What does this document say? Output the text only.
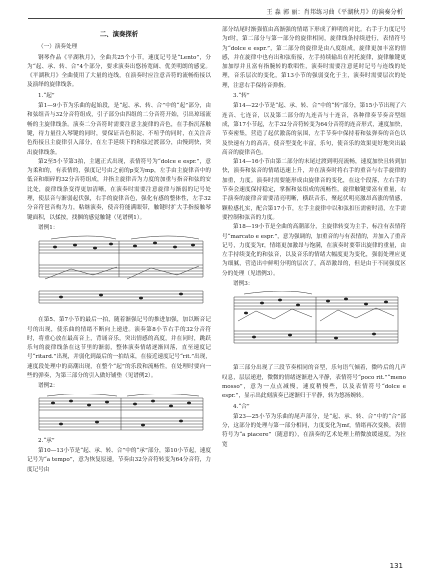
王 淼 郭 丽：肖邦练习曲《平湖秋月》的演奏分析
二、演奏探析
（一）演奏处理

钢琴作品《平湖秋月》，全曲共25个小节，速度记号是“Lento”，分为“起、承、转、合”4个部分，要求演奏出悠扬宽阔、优美明朗的感觉。《平湖秋月》全曲使用了大量的连线，在演奏时应注意音符的流畅衔接以及演绎的旋律线条。

1.“起”

第1—9小节为乐曲的起始段，是“起、承、转、合”中的“起”部分，由和弦组音与32分音符组成，引子部分由四组的二分音符开始，引出琼瑶流畅的主旋律线条。演奏二分音符时需要注意主旋律的音色，在手指沉落触键，待力量往入琴键的同时，要保证音色积淀、不喧乎的同时，在关注音色衔接且主旋律引入部分，在左手延续下的和弦过渡部分，由慢到快，突出旋律线条。

第2至5小节第3拍，主题正式出现，表情符号为“dolce e espr.”，意为柔和的，有表情的，强度记号由之前的p变为mp，左手由主旋律音中的低音和细碎的32分音符组成，并指主旋律音为力度的加重与指音和弦的安比处，旋律线条变得更加清晰，在演奏时需要注意旋律与渐弱的记号处理，使层音与渐弱起伏强，右手的旋律音色，强化有感的整体性，左手32分音符琶音构为力，粘继演奏，使音符能满眼带，触键时扩大手指接触琴键面积，以揉按，找捆的感觉触键（见谱例1）。

谱例1：

在第5、第7小节的最后一拍，随着渐强记号的推进加强，加以断音记号的出现，使乐曲的情绪不断向上递进。演奏第8小节右手的32分音符时，将重心放在最高音上，背诵音乐，突出情感的高度，并在同时，跳跃乐句的旋律线条在这节里的渐弱，整体演奏情绪逐渐回落，直至速度记号“ritard.”出现，并弱化到最后的一拍结束，在接近速度记号“rit.”出现，速度段处理中的高潮出现，在整个“起”的乐段和流畅性，在处理时要向一些的弹奏，为第三部分的引入做好铺垫（见谱例2）。

谱例2：
2.“承”

第10—13小节是“起、承、转、合”中的“承”部分，第10小节起，速度记号为“a tempo”，意为恢复原速，节奏由32分音符转变为64分音符，力度记号由

部分结尾时渐强值由高渐强的情绪下形成了鲜明的对比。右手于力度记号为f时，第二部分与第一部分的旋律相同，旋律线条持续进行，表情符号为“dolce e espr.”，第二部分的旋律是由八度组成，旋律更加丰富的情感，并在旋律中也有出和弦衔接，左手持续输出在衬托旋律，旋律触键更加加厚并且富有指腕转的歌唱性，演奏时需要注意延时记号与连线的处理，音乐层次的变化，第13小节的强弱变化于主，演奏时需要层次的处理，注意右手保持音弹指。

3.“转”

第14—22小节是“起、承、转、合”中的“转”部分，第15小节出现了六连音、七连音，以及第二部分的九连音与十连音，各种律奏节奏音型组成，第17小节起，左手32分音符转变为64分音符的连音形式，速度加快，节奏密集，营造了起伏激荡的氛围，左手节奏中保持着和弦弹奏的音色以及快速有力的高音，使音型变化丰富，乐句，使音乐的效果更好地突出最高音的旋律音色。

第14—16小节由第二部分的末尾过渡到明亮流畅，速度加快且转到加快，演奏和弦音的情绪迅速上升，并在演奏时将右手的重音与右手旋律的加重，力度。演奏时需要能形成由旋律音的变化，在这个段落，左右手的节奏会速度保持稳定，掌握和弦组成的流畅性，旋律触键要富有重量，右手演奏的旋律音需要清亮明晰，横跃音乐，聚起伏明亮激昂高涨的情感，颗粒感扎实，配合第17小节，左手主旋律中以和弦扣压需密时清，左手需要控制和弦音的力度。

第18—19小节是全曲的高潮部分，主旋律转变为主手，标注有表情符号“marcato e espr.”，意为强调的，加重音的与有表情的，并加入了重音记号，力度变为f，情绪更加激昂与饱满，在演奏时要带出旋律的重量，由左手持续变化的和弦音，以及音乐的情绪大幅度更为变化，强弱处理应更为细腻，营造出中鲜明分明的层次了，高昂激昂的，但是由于不同强度区分的处理（见谱例3）。

谱例3：

第三部分出现了三段节奏相同的音型，乐句语气倾着，微吟后的几声叹息，层层递进，微微的情绪逐渐进入平静，表情符号“poco rit.”“meno mosso”，意为一点点减慢，速度稍慢些，以及表情符号“dolce e espr.”，显示出此刻演奏已逐渐归于平静，转为悠扬婉转。

4.“合”

第23—25小节为乐曲的尾声部分，是“起、承、转、合”中的“合”部分，这部分的处理与第一部分相同，力度变化为mf，情绪再次变换，表情符号为“a piacere”（随意的），在演奏的艺术处理上稍微放缓速度，为拉宽

131
